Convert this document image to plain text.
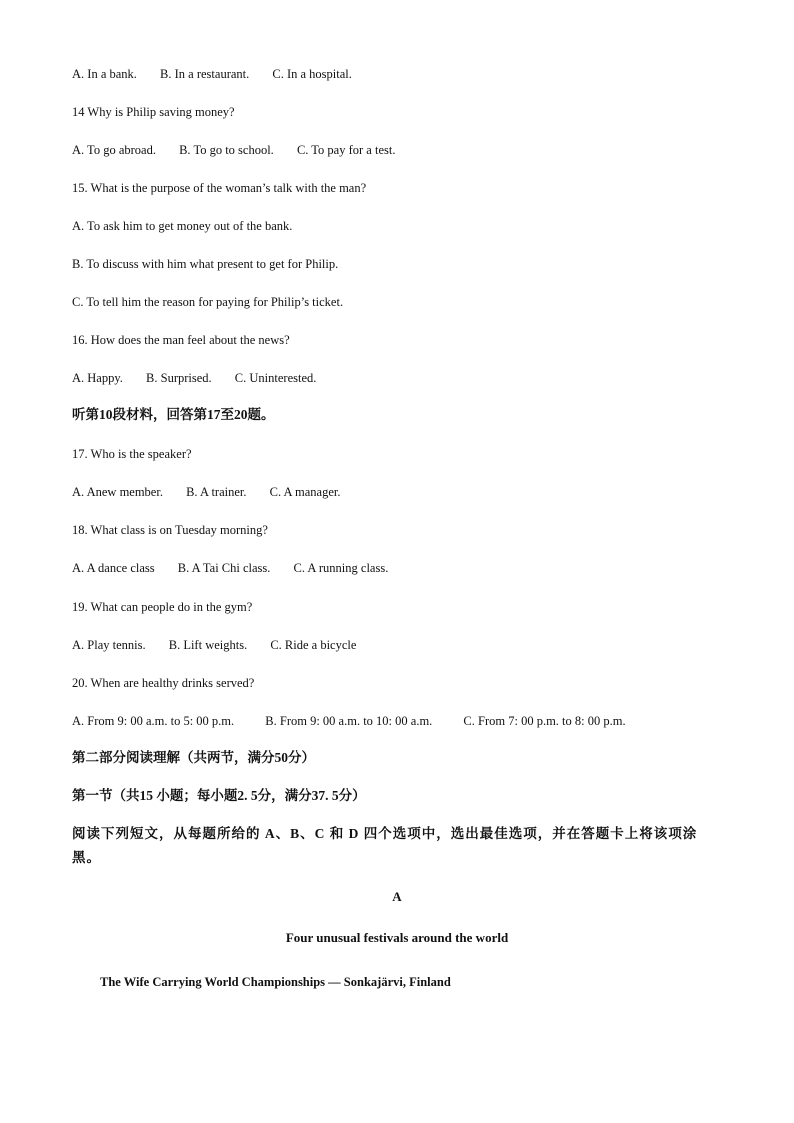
A. In a bank. B. In a restaurant. C. In a hospital.
14 Why is Philip saving money?
A. To go abroad. B. To go to school. C. To pay for a test.
15. What is the purpose of the woman’s talk with the man?
A. To ask him to get money out of the bank.
B. To discuss with him what present to get for Philip.
C. To tell him the reason for paying for Philip’s ticket.
16. How does the man feel about the news?
A. Happy. B. Surprised. C. Uninterested.
听第10段材料，回答第17至20题。
17. Who is the speaker?
A. Anew member. B. A trainer. C. A manager.
18. What class is on Tuesday morning?
A. A dance class B. A Tai Chi class. C. A running class.
19. What can people do in the gym?
A. Play tennis. B. Lift weights. C. Ride a bicycle
20. When are healthy drinks served?
A. From 9: 00 a.m. to 5: 00 p.m. B. From 9: 00 a.m. to 10: 00 a.m. C. From 7: 00 p.m. to 8: 00 p.m.
第二部分阅读理解（共两节，满分50分）
第一节（共15 小题；每小题2. 5分，满分37. 5分）
阅读下列短文，从每题所给的 A、B、C 和 D 四个选项中，选出最佳选项，并在答题卡上将该项涂黑。
A
Four unusual festivals around the world
The Wife Carrying World Championships — Sonkajärvi, Finland
